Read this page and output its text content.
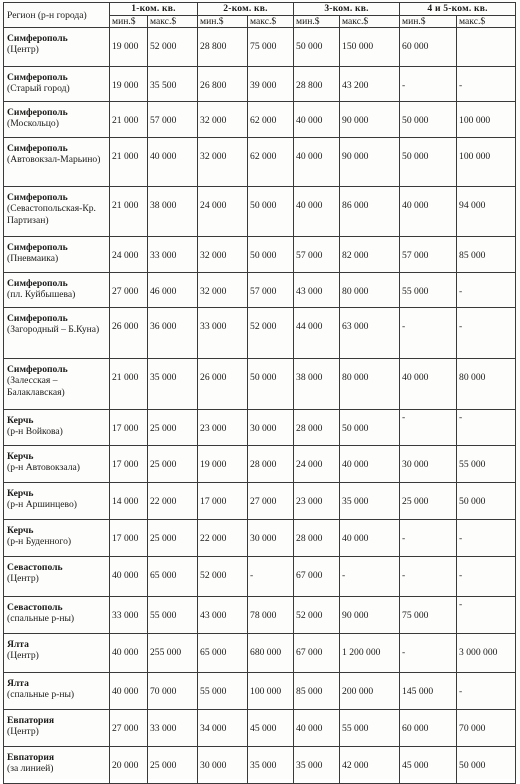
Регион (р-н города)	1-ком. кв.		2-ком. кв.		3-ком. кв.		4 и 5-ком. кв.	
	мин.$	макс.$	мин.$	макс.$	мин.$	макс.$	мин.$	макс.$

Симферополь
(Центр)	19 000	52 000	28 800	75 000	50 000	150 000	60 000	

Симферополь
(Старый город)	19 000	35 500	26 800	39 000	28 800	43 200	-	-

Симферополь
(Москольцо)	21 000	57 000	32 000	62 000	40 000	90 000	50 000	100 000

Симферополь
(Автовокзал-Марьино)	21 000	40 000	32 000	62 000	40 000	90 000	50 000	100 000

Симферополь
(Севастопольская-Кр. Партизан)	21 000	38 000	24 000	50 000	40 000	86 000	40 000	94 000

Симферополь
(Пневмаика)	24 000	33 000	32 000	50 000	57 000	82 000	57 000	85 000

Симферополь
(пл. Куйбышева)	27 000	46 000	32 000	57 000	43 000	80 000	55 000	-

Симферополь
(Загородный – Б.Куна)	26 000	36 000	33 000	52 000	44 000	63 000	-	-

Симферополь
(Залесская – Балаклавская)	21 000	35 000	26 000	50 000	38 000	80 000	40 000	80 000

Керчь
(р-н Войкова)	17 000	25 000	23 000	30 000	28 000	50 000	-	-

Керчь
(р-н Автовокзала)	17 000	25 000	19 000	28 000	24 000	40 000	30 000	55 000

Керчь
(р-н Аршинцево)	14 000	22 000	17 000	27 000	23 000	35 000	25 000	50 000

Керчь
(р-н Буденного)	17 000	25 000	22 000	30 000	28 000	40 000	-	-

Севастополь
(Центр)	40 000	65 000	52 000	-	67 000	-	-	-

Севастополь
(спальные р-ны)	33 000	55 000	43 000	78 000	52 000	90 000	75 000	-

Ялта
(Центр)	40 000	255 000	65 000	680 000	67 000	1 200 000	-	3 000 000

Ялта
(спальные р-ны)	40 000	70 000	55 000	100 000	85 000	200 000	145 000	-

Евпатория
(Центр)	27 000	33 000	34 000	45 000	40 000	55 000	60 000	70 000

Евпатория
(за линией)	20 000	25 000	30 000	35 000	35 000	42 000	45 000	50 000
